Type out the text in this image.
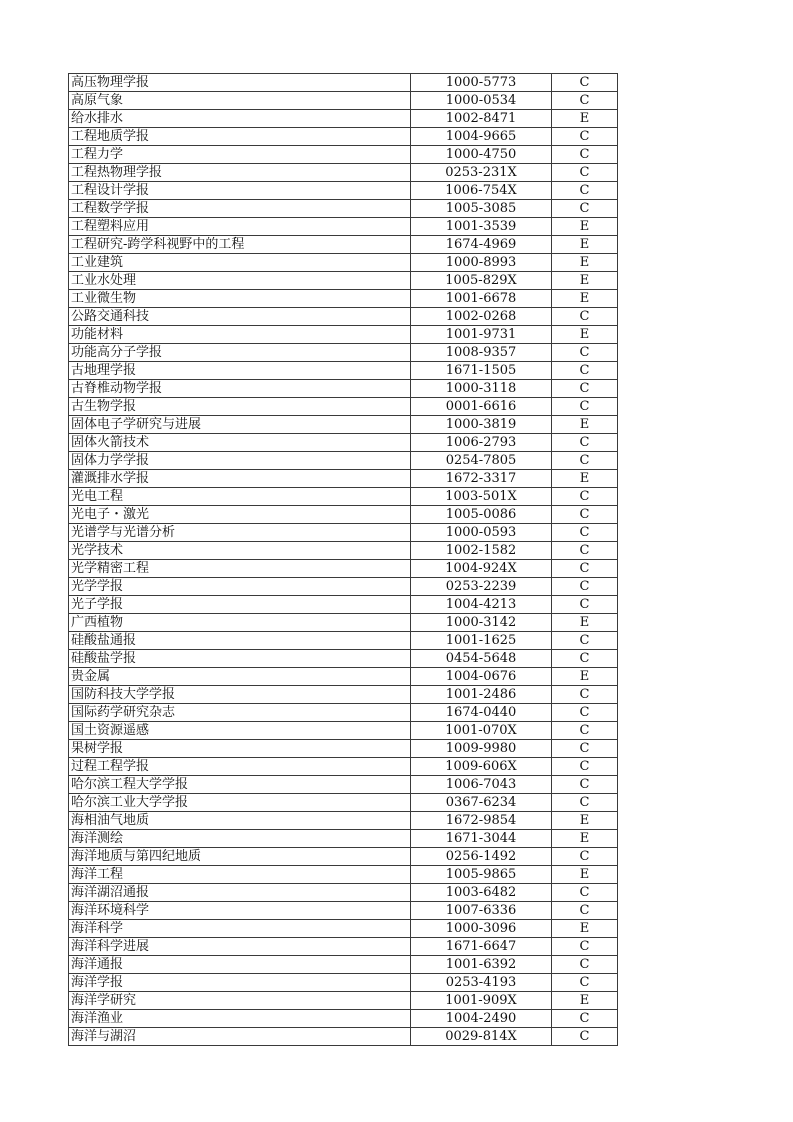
高压物理学报	1000-5773	C
高原气象	1000-0534	C
给水排水	1002-8471	E
工程地质学报	1004-9665	C
工程力学	1000-4750	C
工程热物理学报	0253-231X	C
工程设计学报	1006-754X	C
工程数学学报	1005-3085	C
工程塑料应用	1001-3539	E
工程研究-跨学科视野中的工程	1674-4969	E
工业建筑	1000-8993	E
工业水处理	1005-829X	E
工业微生物	1001-6678	E
公路交通科技	1002-0268	C
功能材料	1001-9731	E
功能高分子学报	1008-9357	C
古地理学报	1671-1505	C
古脊椎动物学报	1000-3118	C
古生物学报	0001-6616	C
固体电子学研究与进展	1000-3819	E
固体火箭技术	1006-2793	C
固体力学学报	0254-7805	C
灌溉排水学报	1672-3317	E
光电工程	1003-501X	C
光电子・激光	1005-0086	C
光谱学与光谱分析	1000-0593	C
光学技术	1002-1582	C
光学精密工程	1004-924X	C
光学学报	0253-2239	C
光子学报	1004-4213	C
广西植物	1000-3142	E
硅酸盐通报	1001-1625	C
硅酸盐学报	0454-5648	C
贵金属	1004-0676	E
国防科技大学学报	1001-2486	C
国际药学研究杂志	1674-0440	C
国土资源遥感	1001-070X	C
果树学报	1009-9980	C
过程工程学报	1009-606X	C
哈尔滨工程大学学报	1006-7043	C
哈尔滨工业大学学报	0367-6234	C
海相油气地质	1672-9854	E
海洋测绘	1671-3044	E
海洋地质与第四纪地质	0256-1492	C
海洋工程	1005-9865	E
海洋湖沼通报	1003-6482	C
海洋环境科学	1007-6336	C
海洋科学	1000-3096	E
海洋科学进展	1671-6647	C
海洋通报	1001-6392	C
海洋学报	0253-4193	C
海洋学研究	1001-909X	E
海洋渔业	1004-2490	C
海洋与湖沼	0029-814X	C
